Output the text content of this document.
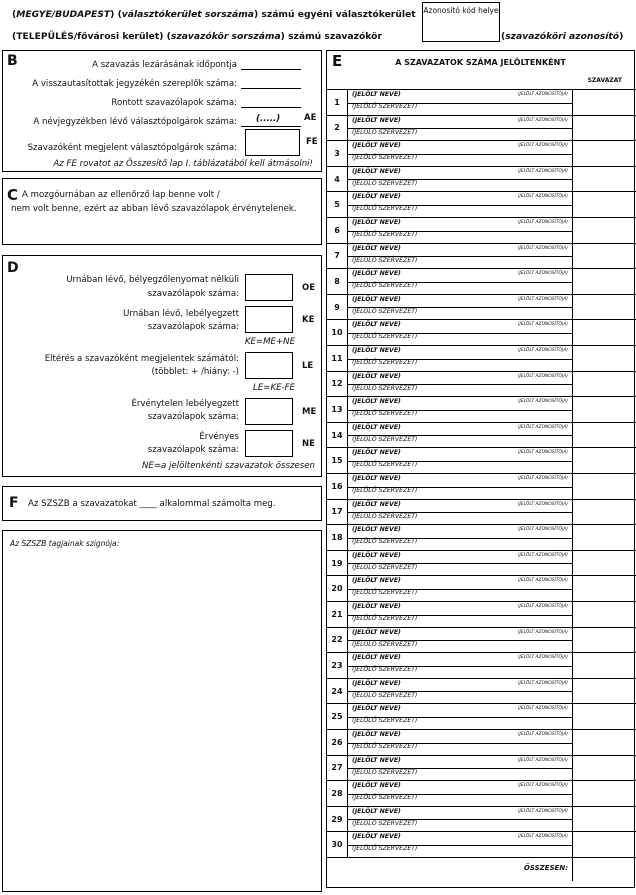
(MEGYE/BUDAPEST) (választókerület sorszáma) számú egyéni választókerület
(TELEPÜLÉS/fővárosi kerület) (szavazókör sorszáma) számú szavazókör
Azonosító kód helye
(szavazóköri azonosító)
B	A szavazás lezárásának időpontja
A visszautasítottak jegyzékén szereplők száma:
Rontott szavazólapok száma:
A névjegyzékben lévő választópolgárok száma: (.....)	AE
Szavazóként megjelent választópolgárok száma:
FE
Az FE rovatot az Összesítő lap I. táblázatából kell átmásolni!
C A mozgóurnában az ellenőrző lap benne volt /
nem volt benne, ezért az abban lévő szavazólapok érvénytelenek.
D
Urnában lévő, bélyegzőlenyomat nélküli
szavazólapok száma:
OE
Urnában lévő, lebélyegzett
szavazólapok száma:
KE
KE=ME+NE
Eltérés a szavazóként megjelentek számától:
(többlet: + /hiány: -)
LE
LE=KE-FE
Érvénytelen lebélyegzett
szavazólapok száma:	ME
Érvényes
szavazólapok száma:
NE
NE=a jelöltenkénti szavazatok összesen
F Az SZSZB a szavazatokat ____ alkalommal számolta meg.
Az SZSZB tagjainak szignója:
E	A SZAVAZATOK SZÁMA JELÖLTENKÉNT
SZAVAZAT
1
(JELÖLT NEVE)	(JELÖLT AZONOSÍTÓJA)
(JELÖLŐ SZERVEZET)
2
(JELÖLT NEVE)	(JELÖLT AZONOSÍTÓJA)
(JELÖLŐ SZERVEZET)
3
(JELÖLT NEVE)	(JELÖLT AZONOSÍTÓJA)
(JELÖLŐ SZERVEZET)
4
(JELÖLT NEVE)	(JELÖLT AZONOSÍTÓJA)
(JELÖLŐ SZERVEZET)
5
(JELÖLT NEVE)	(JELÖLT AZONOSÍTÓJA)
(JELÖLŐ SZERVEZET)
6
(JELÖLT NEVE)	(JELÖLT AZONOSÍTÓJA)
(JELÖLŐ SZERVEZET)
7
(JELÖLT NEVE)	(JELÖLT AZONOSÍTÓJA)
(JELÖLŐ SZERVEZET)
8
(JELÖLT NEVE)	(JELÖLT AZONOSÍTÓJA)
(JELÖLŐ SZERVEZET)
9
(JELÖLT NEVE)	(JELÖLT AZONOSÍTÓJA)
(JELÖLŐ SZERVEZET)
10
(JELÖLT NEVE)	(JELÖLT AZONOSÍTÓJA)
(JELÖLŐ SZERVEZET)
11
(JELÖLT NEVE)	(JELÖLT AZONOSÍTÓJA)
(JELÖLŐ SZERVEZET)
12
(JELÖLT NEVE)	(JELÖLT AZONOSÍTÓJA)
(JELÖLŐ SZERVEZET)
13
(JELÖLT NEVE)	(JELÖLT AZONOSÍTÓJA)
(JELÖLŐ SZERVEZET)
14
(JELÖLT NEVE)	(JELÖLT AZONOSÍTÓJA)
(JELÖLŐ SZERVEZET)
15
(JELÖLT NEVE)	(JELÖLT AZONOSÍTÓJA)
(JELÖLŐ SZERVEZET)
16
(JELÖLT NEVE)	(JELÖLT AZONOSÍTÓJA)
(JELÖLŐ SZERVEZET)
17
(JELÖLT NEVE)	(JELÖLT AZONOSÍTÓJA)
(JELÖLŐ SZERVEZET)
18
(JELÖLT NEVE)	(JELÖLT AZONOSÍTÓJA)
(JELÖLŐ SZERVEZET)
19
(JELÖLT NEVE)	(JELÖLT AZONOSÍTÓJA)
(JELÖLŐ SZERVEZET)
20
(JELÖLT NEVE)	(JELÖLT AZONOSÍTÓJA)
(JELÖLŐ SZERVEZET)
21
(JELÖLT NEVE)	(JELÖLT AZONOSÍTÓJA)
(JELÖLŐ SZERVEZET)
22
(JELÖLT NEVE)	(JELÖLT AZONOSÍTÓJA)
(JELÖLŐ SZERVEZET)
23
(JELÖLT NEVE)	(JELÖLT AZONOSÍTÓJA)
(JELÖLŐ SZERVEZET)
24
(JELÖLT NEVE)	(JELÖLT AZONOSÍTÓJA)
(JELÖLŐ SZERVEZET)
25
(JELÖLT NEVE)	(JELÖLT AZONOSÍTÓJA)
(JELÖLŐ SZERVEZET)
26
(JELÖLT NEVE)	(JELÖLT AZONOSÍTÓJA)
(JELÖLŐ SZERVEZET)
27
(JELÖLT NEVE)	(JELÖLT AZONOSÍTÓJA)
(JELÖLŐ SZERVEZET)
28
(JELÖLT NEVE)	(JELÖLT AZONOSÍTÓJA)
(JELÖLŐ SZERVEZET)
29
(JELÖLT NEVE)	(JELÖLT AZONOSÍTÓJA)
(JELÖLŐ SZERVEZET)
30
(JELÖLT NEVE)	(JELÖLT AZONOSÍTÓJA)
(JELÖLŐ SZERVEZET)
ÖSSZESEN:
